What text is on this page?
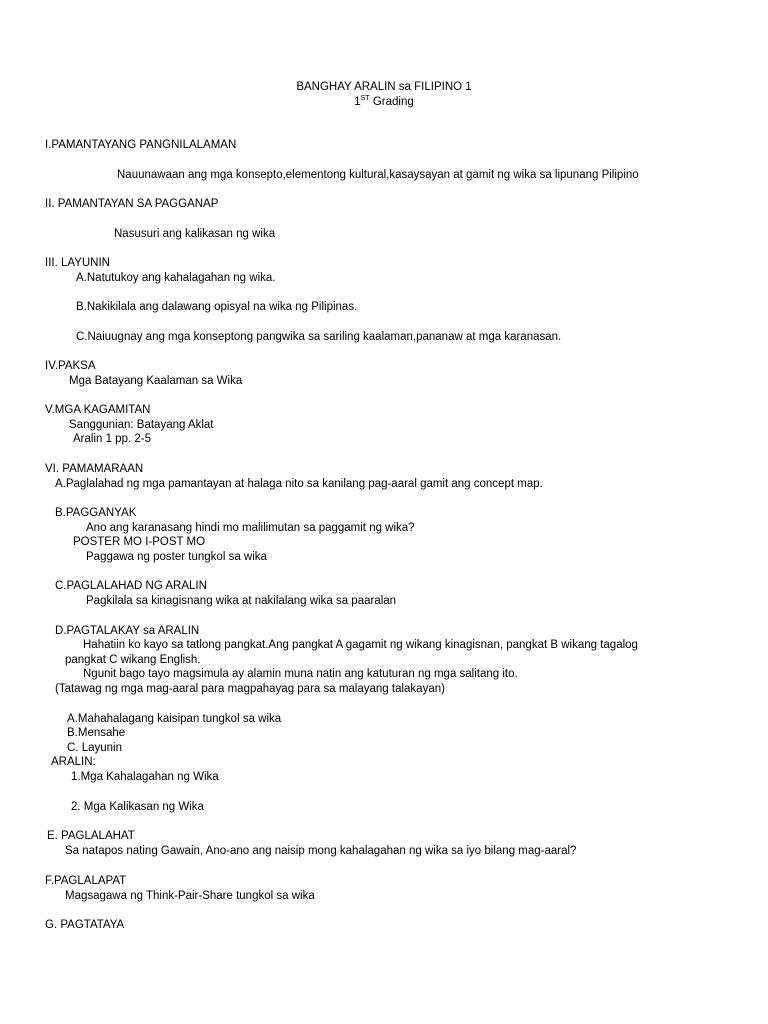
BANGHAY ARALIN sa FILIPINO 1
1ST Grading
I.PAMANTAYANG PANGNILALAMAN
Nauunawaan ang mga konsepto,elementong kultural,kasaysayan at gamit ng wika sa lipunang Pilipino
II. PAMANTAYAN SA PAGGANAP
Nasusuri ang kalikasan ng wika
III. LAYUNIN
A.Natutukoy ang kahalagahan ng wika.
B.Nakikilala ang dalawang opisyal na wika ng Pilipinas.
C.Naiuugnay ang mga konseptong pangwika sa sariling kaalaman,pananaw at mga karanasan.
IV.PAKSA
Mga Batayang Kaalaman sa Wika
V.MGA KAGAMITAN
Sanggunian: Batayang Aklat
Aralin 1 pp. 2-5
VI. PAMAMARAAN
A.Paglalahad ng mga pamantayan at halaga nito sa kanilang pag-aaral gamit ang concept map.
B.PAGGANYAK
Ano ang karanasang hindi mo malilimutan sa paggamit ng wika?
POSTER MO I-POST MO
Paggawa ng poster tungkol sa wika
C.PAGLALAHAD NG ARALIN
Pagkilala sa kinagisnang wika at nakilalang wika sa paaralan
D.PAGTALAKAY sa ARALIN
Hahatiin ko kayo sa tatlong pangkat.Ang pangkat A gagamit ng wikang kinagisnan, pangkat B wikang tagalog
pangkat C wikang English.
Ngunit bago tayo magsimula ay alamin muna natin ang katuturan ng mga salitang ito.
(Tatawag ng mga mag-aaral para magpahayag para sa malayang talakayan)
A.Mahahalagang kaisipan tungkol sa wika
B.Mensahe
C. Layunin
ARALIN:
1.Mga Kahalagahan ng Wika
2. Mga Kalikasan ng Wika
E. PAGLALAHAT
Sa natapos nating Gawain, Ano-ano ang naisip mong kahalagahan ng wika sa iyo bilang mag-aaral?
F.PAGLALAPAT
Magsagawa ng Think-Pair-Share tungkol sa wika
G. PAGTATAYA
